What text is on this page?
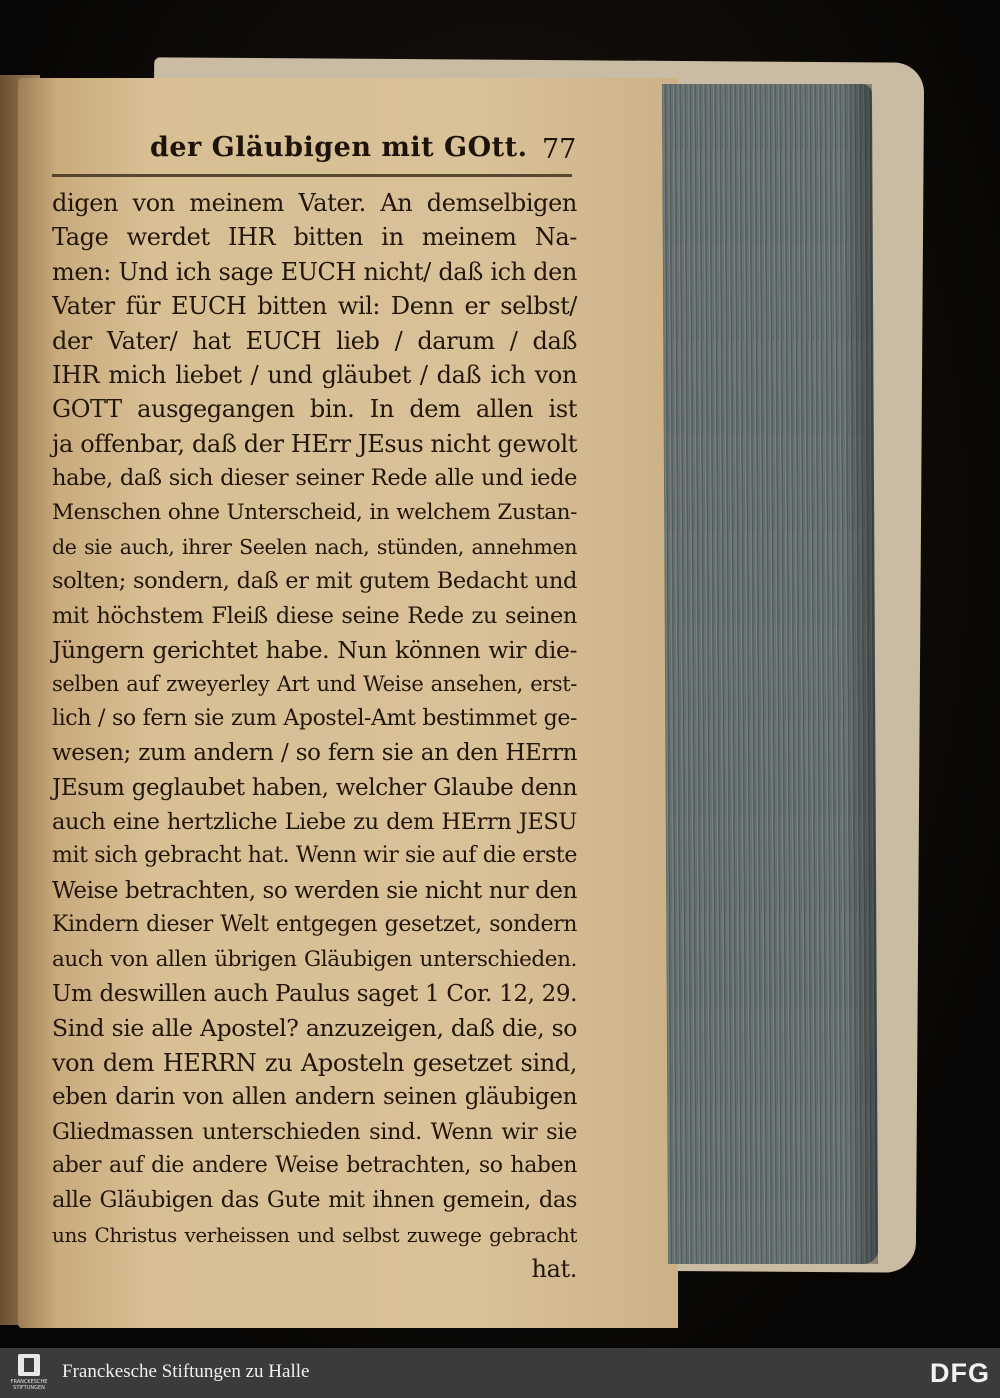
der Gläubigen mit GOtt. 77
digen von meinem Vater. An demselbigen
Tage werdet IHR bitten in meinem Na-
men: Und ich sage EUCH nicht/ daß ich den
Vater für EUCH bitten wil: Denn er selbst/
der Vater/ hat EUCH lieb / darum / daß
IHR mich liebet / und gläubet / daß ich von
GOTT ausgegangen bin. In dem allen ist
ja offenbar, daß der HErr JEsus nicht gewolt
habe, daß sich dieser seiner Rede alle und iede
Menschen ohne Unterscheid, in welchem Zustan-
de sie auch, ihrer Seelen nach, stünden, annehmen
solten; sondern, daß er mit gutem Bedacht und
mit höchstem Fleiß diese seine Rede zu seinen
Jüngern gerichtet habe. Nun können wir die-
selben auf zweyerley Art und Weise ansehen, erst-
lich / so fern sie zum Apostel-Amt bestimmet ge-
wesen; zum andern / so fern sie an den HErrn
JEsum geglaubet haben, welcher Glaube denn
auch eine hertzliche Liebe zu dem HErrn JESU
mit sich gebracht hat. Wenn wir sie auf die erste
Weise betrachten, so werden sie nicht nur den
Kindern dieser Welt entgegen gesetzet, sondern
auch von allen übrigen Gläubigen unterschieden.
Um deswillen auch Paulus saget 1 Cor. 12, 29.
Sind sie alle Apostel? anzuzeigen, daß die, so
von dem HERRN zu Aposteln gesetzet sind,
eben darin von allen andern seinen gläubigen
Gliedmassen unterschieden sind. Wenn wir sie
aber auf die andere Weise betrachten, so haben
alle Gläubigen das Gute mit ihnen gemein, das
uns Christus verheissen und selbst zuwege gebracht
hat.
FRANCKESCHE
STIFTUNGEN
Franckesche Stiftungen zu Halle	DFG
